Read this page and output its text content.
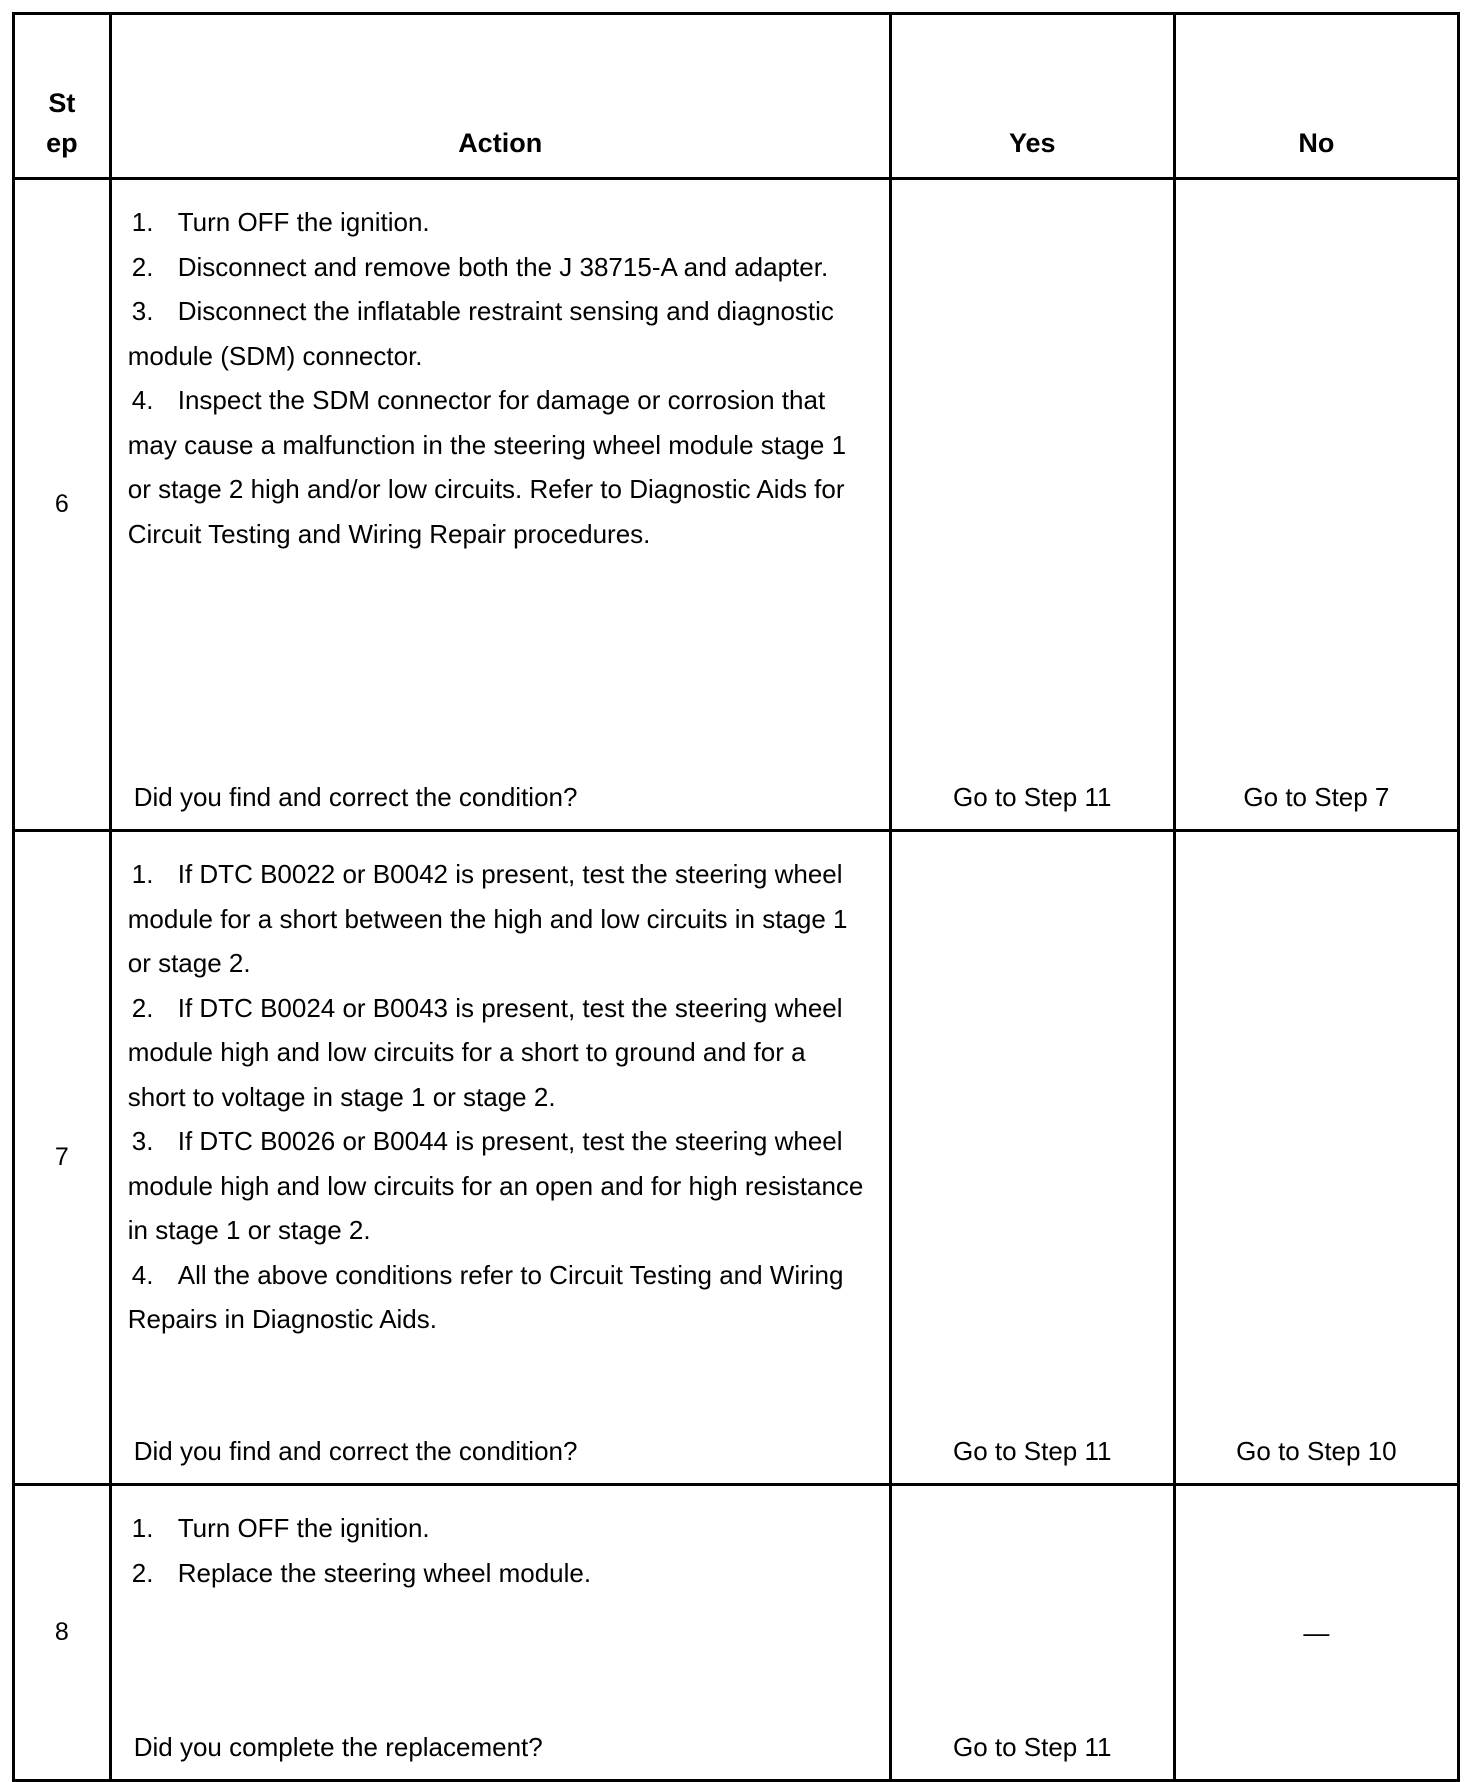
St
ep	Action	Yes	No
6	1. Turn OFF the ignition.

2. Disconnect and remove both the J 38715-A and adapter.

3. Disconnect the inflatable restraint sensing and diagnostic module (SDM) connector.

4. Inspect the SDM connector for damage or corrosion that may cause a malfunction in the steering wheel module stage 1 or stage 2 high and/or low circuits. Refer to Diagnostic Aids for Circuit Testing and Wiring Repair procedures.

Did you find and correct the condition?	Go to Step 11	Go to Step 7

7	1. If DTC B0022 or B0042 is present, test the steering wheel module for a short between the high and low circuits in stage 1 or stage 2.

2. If DTC B0024 or B0043 is present, test the steering wheel module high and low circuits for a short to ground and for a short to voltage in stage 1 or stage 2.

3. If DTC B0026 or B0044 is present, test the steering wheel module high and low circuits for an open and for high resistance in stage 1 or stage 2.

4. All the above conditions refer to Circuit Testing and Wiring Repairs in Diagnostic Aids.

Did you find and correct the condition?	Go to Step 11	Go to Step 10

8	1. Turn OFF the ignition.

2. Replace the steering wheel module.

Did you complete the replacement?	Go to Step 11	—
